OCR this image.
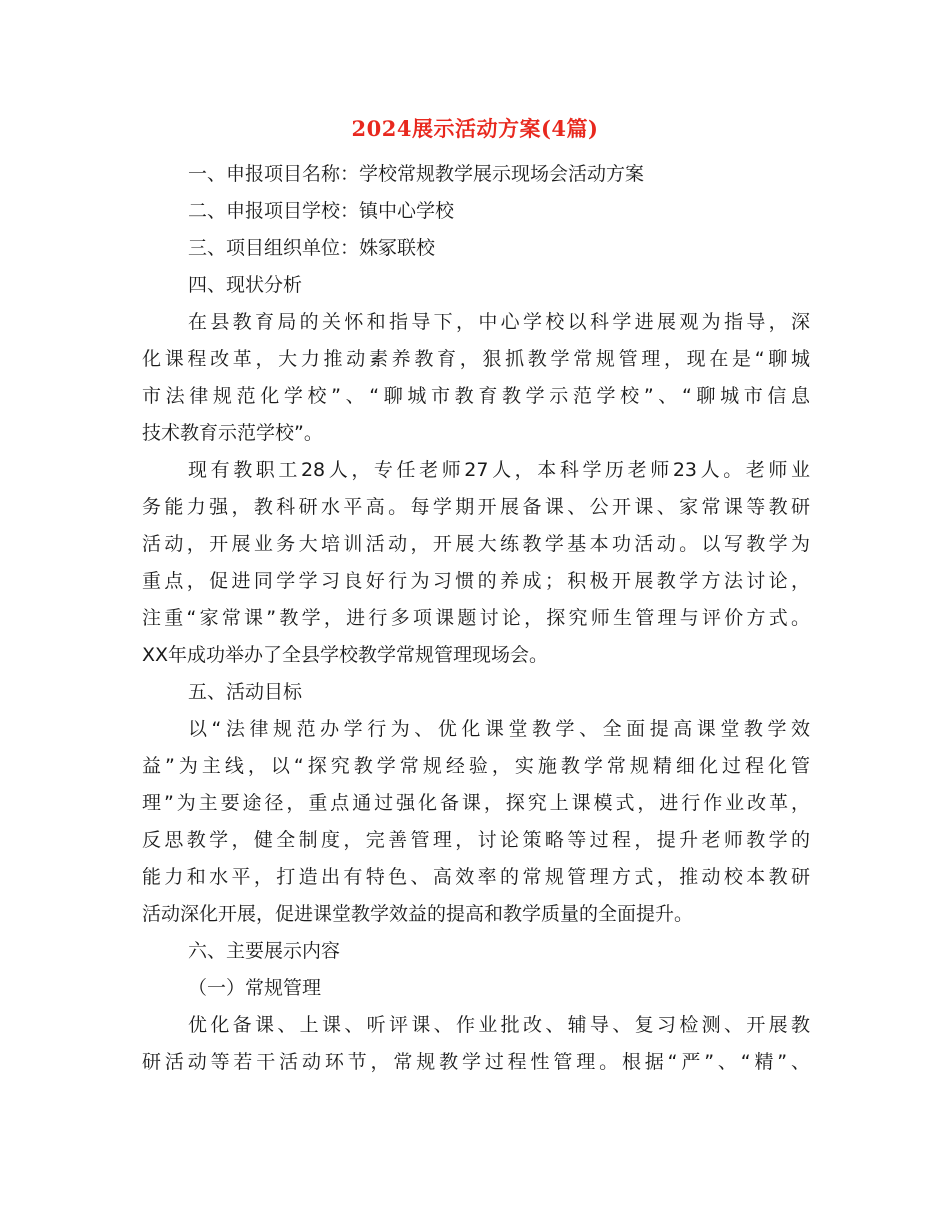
2024展示活动方案(4篇)
一、申报项目名称：学校常规教学展示现场会活动方案
二、申报项目学校：镇中心学校
三、项目组织单位：姝冢联校
四、现状分析
在县教育局的关怀和指导下，中心学校以科学进展观为指导，深
化课程改革，大力推动素养教育，狠抓教学常规管理，现在是“聊城
市法律规范化学校”、“聊城市教育教学示范学校”、“聊城市信息
技术教育示范学校”。
现有教职工28人，专任老师27人，本科学历老师23人。老师业
务能力强，教科研水平高。每学期开展备课、公开课、家常课等教研
活动，开展业务大培训活动，开展大练教学基本功活动。以写教学为
重点，促进同学学习良好行为习惯的养成；积极开展教学方法讨论，
注重“家常课”教学，进行多项课题讨论，探究师生管理与评价方式。
XX年成功举办了全县学校教学常规管理现场会。
五、活动目标
以“法律规范办学行为、优化课堂教学、全面提高课堂教学效
益”为主线，以“探究教学常规经验，实施教学常规精细化过程化管
理”为主要途径，重点通过强化备课，探究上课模式，进行作业改革，
反思教学，健全制度，完善管理，讨论策略等过程，提升老师教学的
能力和水平，打造出有特色、高效率的常规管理方式，推动校本教研
活动深化开展，促进课堂教学效益的提高和教学质量的全面提升。
六、主要展示内容
（一）常规管理
优化备课、上课、听评课、作业批改、辅导、复习检测、开展教
研活动等若干活动环节，常规教学过程性管理。根据“严”、“精”、
